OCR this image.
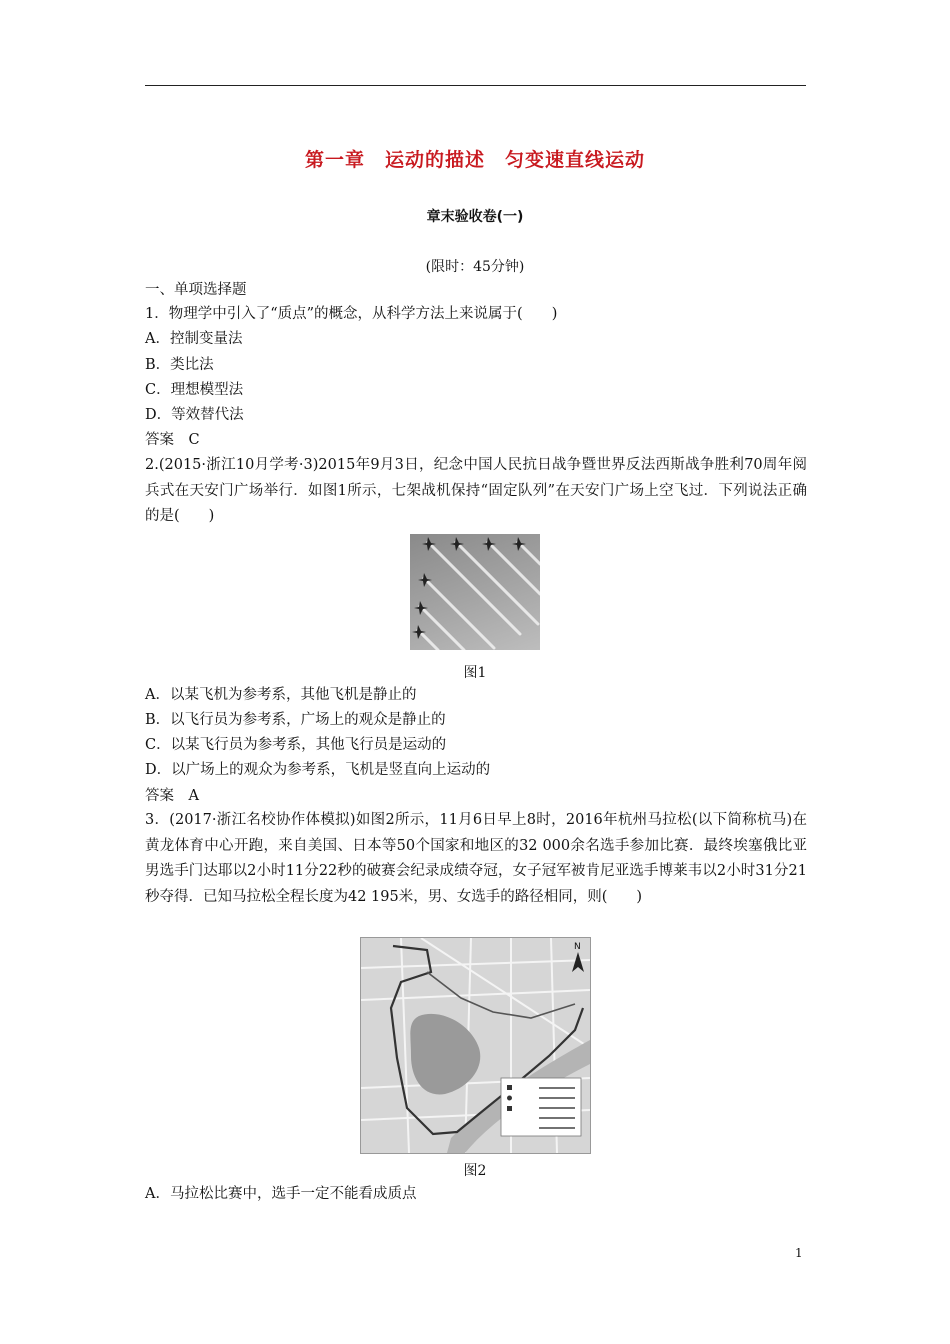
第一章　运动的描述　匀变速直线运动
章末验收卷(一)
(限时：45分钟)
一、单项选择题
1．物理学中引入了“质点”的概念，从科学方法上来说属于(　　)
A．控制变量法
B．类比法
C．理想模型法
D．等效替代法
答案　C
2.(2015·浙江10月学考·3)2015年9月3日，纪念中国人民抗日战争暨世界反法西斯战争胜利70周年阅兵式在天安门广场举行．如图1所示，七架战机保持“固定队列”在天安门广场上空飞过．下列说法正确的是(　　)
图1
A．以某飞机为参考系，其他飞机是静止的
B．以飞行员为参考系，广场上的观众是静止的
C．以某飞行员为参考系，其他飞行员是运动的
D．以广场上的观众为参考系，飞机是竖直向上运动的
答案　A
3．(2017·浙江名校协作体模拟)如图2所示，11月6日早上8时，2016年杭州马拉松(以下简称杭马)在黄龙体育中心开跑，来自美国、日本等50个国家和地区的32 000余名选手参加比赛．最终埃塞俄比亚男选手门达耶以2小时11分22秒的破赛会纪录成绩夺冠，女子冠军被肯尼亚选手博莱韦以2小时31分21秒夺得．已知马拉松全程长度为42 195米，男、女选手的路径相同，则(　　)
N
图2
A．马拉松比赛中，选手一定不能看成质点
1
